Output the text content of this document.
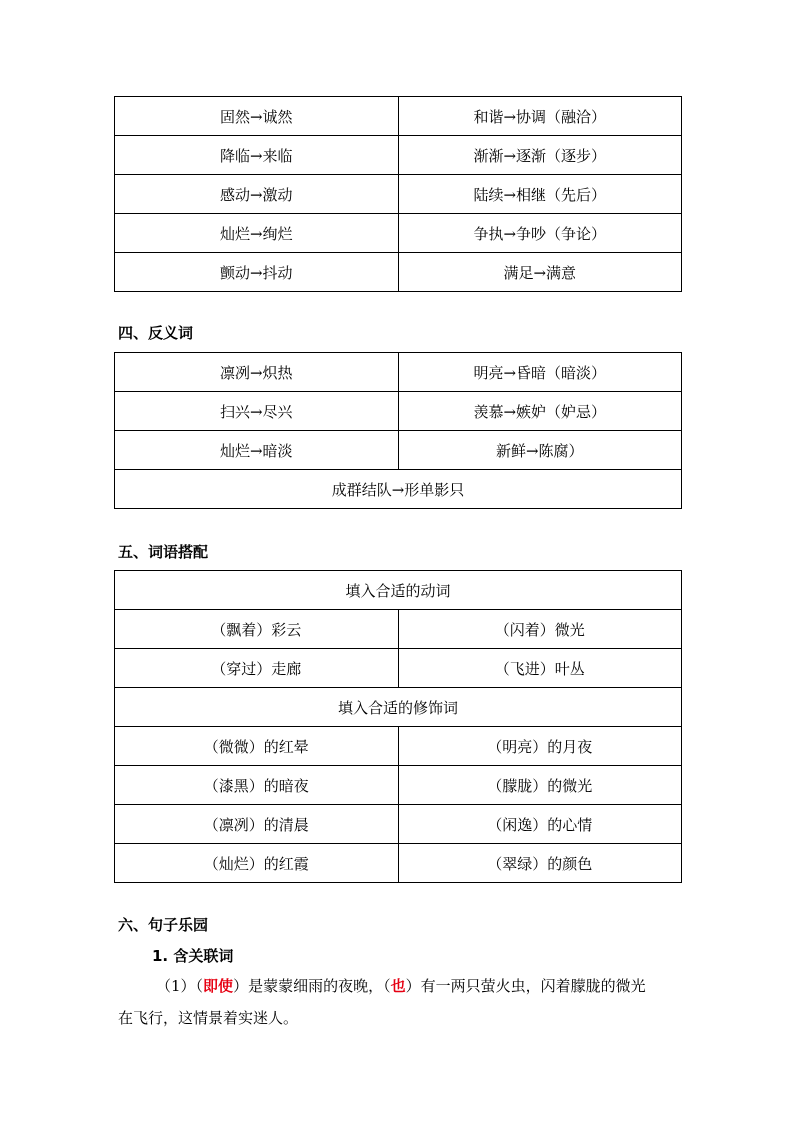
固然→诚然	和谐→协调（融洽）
降临→来临	渐渐→逐渐（逐步）
感动→激动	陆续→相继（先后）
灿烂→绚烂	争执→争吵（争论）
颤动→抖动	满足→满意
四、反义词
凛冽→炽热	明亮→昏暗（暗淡）
扫兴→尽兴	羡慕→嫉妒（妒忌）
灿烂→暗淡	新鲜→陈腐）
成群结队→形单影只	
五、词语搭配
填入合适的动词	
（飘着）彩云	（闪着）微光
（穿过）走廊	（飞进）叶丛
填入合适的修饰词	
（微微）的红晕	（明亮）的月夜
（漆黑）的暗夜	（朦胧）的微光
（凛冽）的清晨	（闲逸）的心情
（灿烂）的红霞	（翠绿）的颜色
六、句子乐园
1. 含关联词
（1）（即使）是蒙蒙细雨的夜晚，（也）有一两只萤火虫，闪着朦胧的微光
在飞行，这情景着实迷人。
